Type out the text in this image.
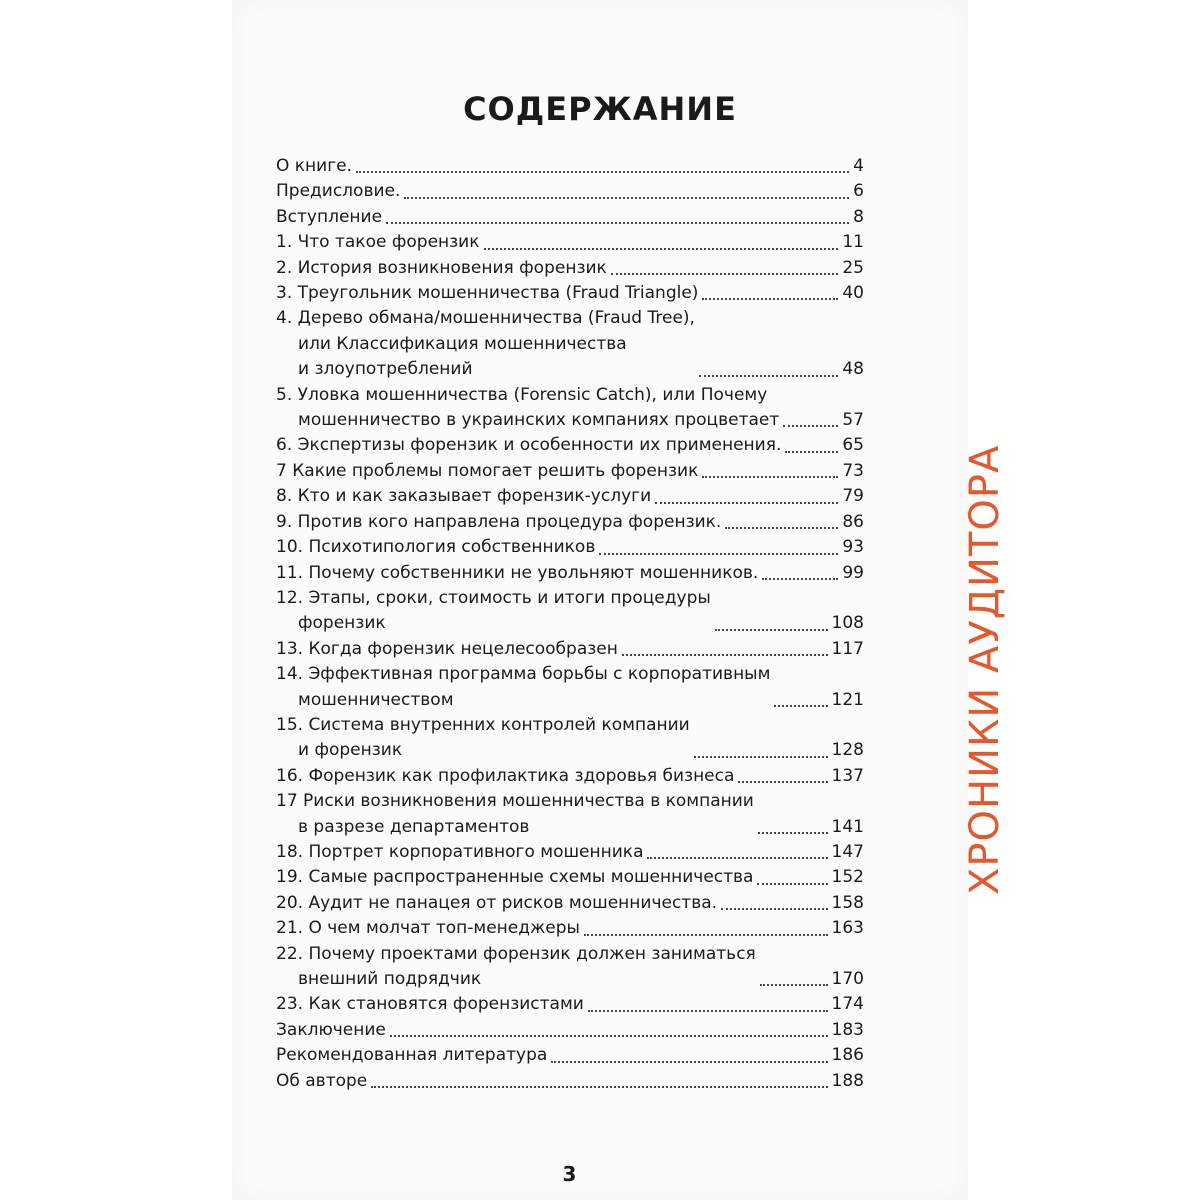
СОДЕРЖАНИЕ
О книге.	4
Предисловие.	6
Вступление	8
1. Что такое форензик	11
2. История возникновения форензик	25
3. Треугольник мошенничества (Fraud Triangle)	40
4. Дерево обмана/мошенничества (Fraud Tree),
или Классификация мошенничества
и злоупотреблений	48
5. Уловка мошенничества (Forensic Catch), или Почему
мошенничество в украинских компаниях процветает	57
6. Экспертизы форензик и особенности их применения.	65
7 Какие проблемы помогает решить форензик	73
8. Кто и как заказывает форензик-услуги	79
9. Против кого направлена процедура форензик.	86
10. Психотипология собственников	93
11. Почему собственники не увольняют мошенников.	99
12. Этапы, сроки, стоимость и итоги процедуры
форензик	108
13. Когда форензик нецелесообразен	117
14. Эффективная программа борьбы с корпоративным
мошенничеством	121
15. Система внутренних контролей компании
и форензик	128
16. Форензик как профилактика здоровья бизнеса	137
17 Риски возникновения мошенничества в компании
в разрезе департаментов	141
18. Портрет корпоративного мошенника	147
19. Самые распространенные схемы мошенничества	152
20. Аудит не панацея от рисков мошенничества.	158
21. О чем молчат топ-менеджеры	163
22. Почему проектами форензик должен заниматься
внешний подрядчик	170
23. Как становятся форензистами	174
Заключение	183
Рекомендованная литература	186
Об авторе	188
3
ХРОНИКИ АУДИТОРА
